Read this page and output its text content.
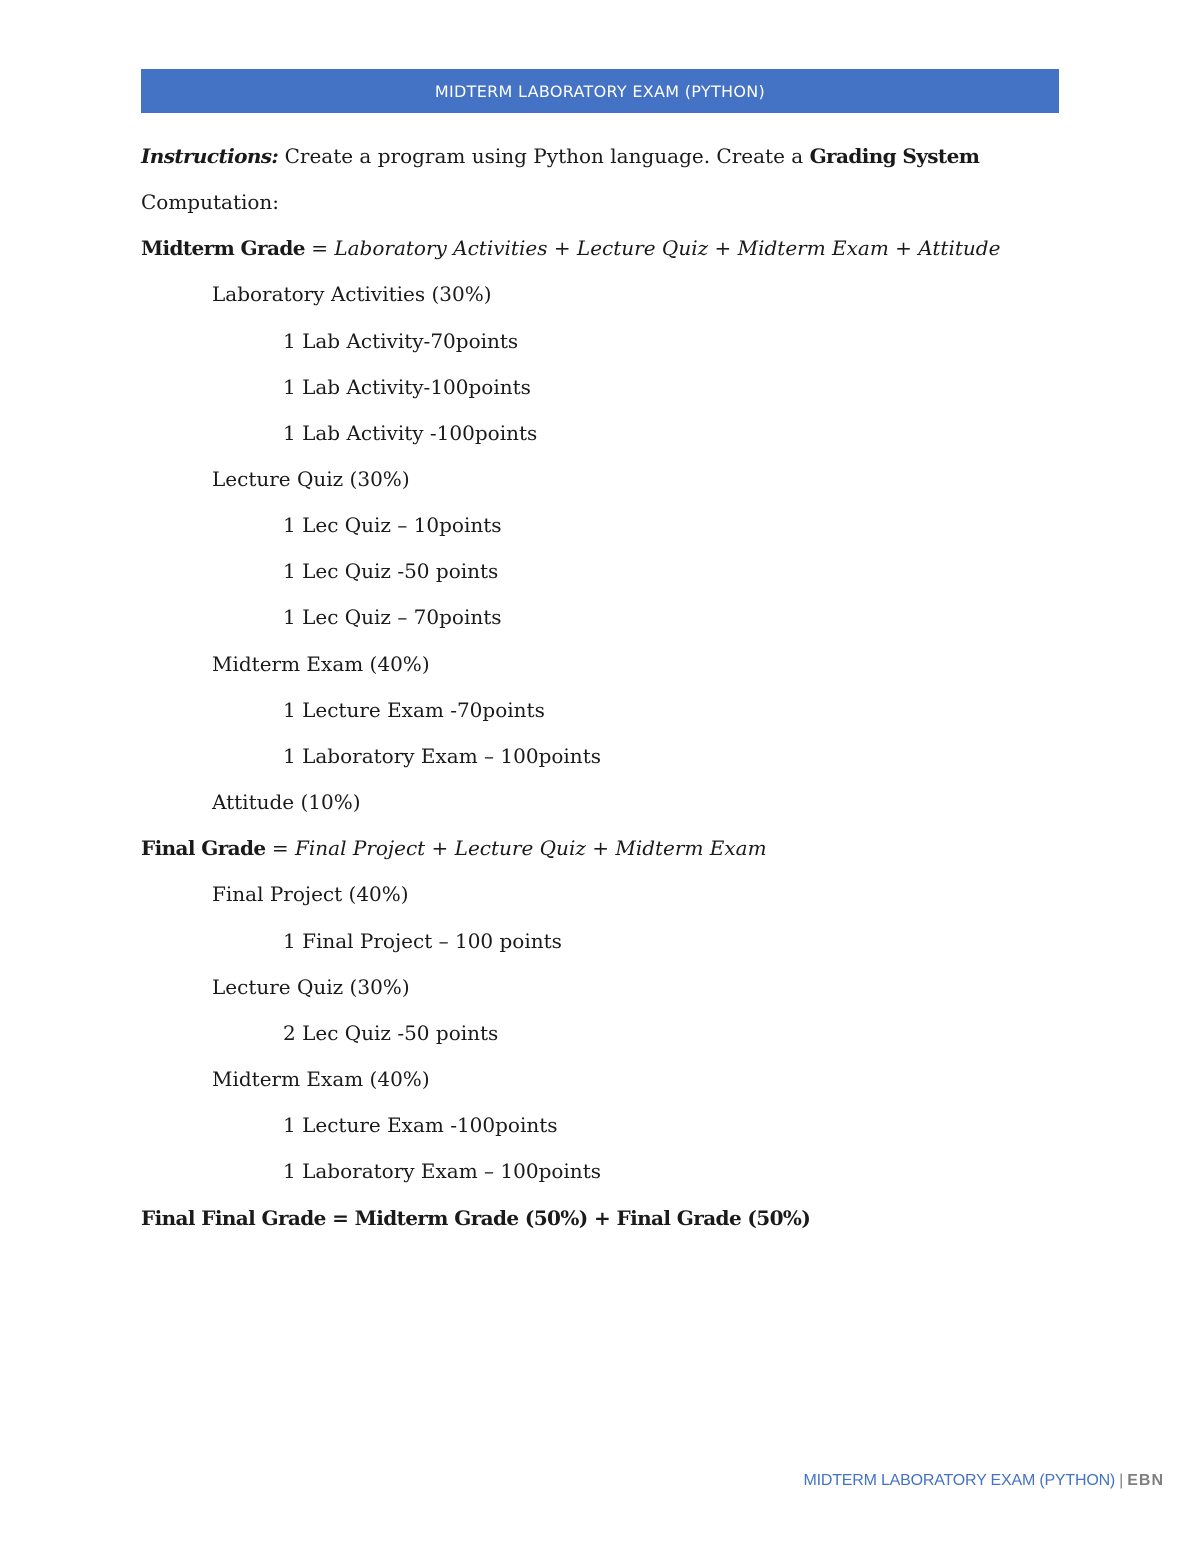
MIDTERM LABORATORY EXAM (PYTHON)
Instructions: Create a program using Python language. Create a Grading System
Computation:
Midterm Grade = Laboratory Activities + Lecture Quiz + Midterm Exam + Attitude
Laboratory Activities (30%)
1 Lab Activity-70points
1 Lab Activity-100points
1 Lab Activity -100points
Lecture Quiz (30%)
1 Lec Quiz – 10points
1 Lec Quiz -50 points
1 Lec Quiz – 70points
Midterm Exam (40%)
1 Lecture Exam -70points
1 Laboratory Exam – 100points
Attitude (10%)
Final Grade = Final Project + Lecture Quiz + Midterm Exam
Final Project (40%)
1 Final Project – 100 points
Lecture Quiz (30%)
2 Lec Quiz -50 points
Midterm Exam (40%)
1 Lecture Exam -100points
1 Laboratory Exam – 100points
Final Final Grade = Midterm Grade (50%) + Final Grade (50%)
MIDTERM LABORATORY EXAM (PYTHON) | EBN
